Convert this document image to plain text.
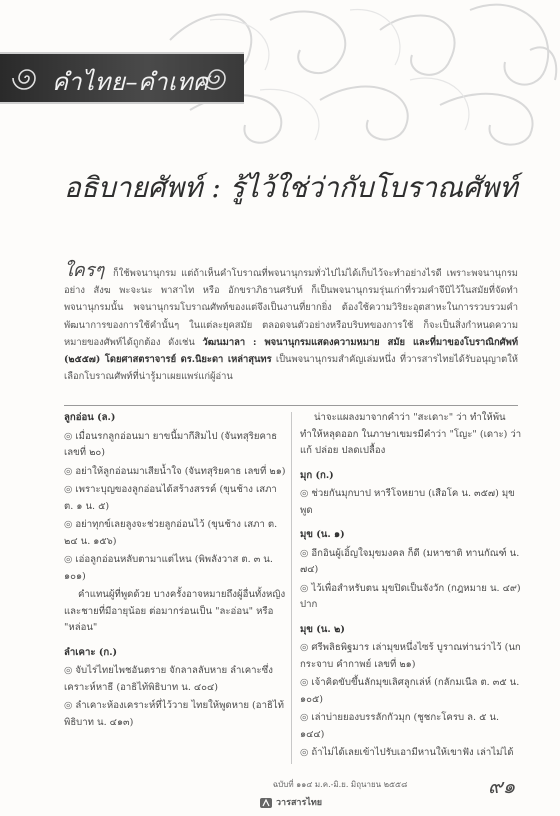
คำไทย–คำเทศ
อธิบายศัพท์ : รู้ไว้ใช่ว่ากับโบราณศัพท์
ใครๆ ก็ใช้พจนานุกรม แต่ถ้าเห็นคำโบราณที่พจนานุกรมทั่วไปไม่ได้เก็บไว้จะทำอย่างไรดี เพราะพจนานุกรมอย่าง สังฆ พะจะนะ พาสาไท หรือ อักขราภิธานศรับท์ ก็เป็นพจนานุกรมรุ่นเก่าที่รวมคำจีบิไว้ในสมัยที่จัดทำพจนานุกรมนั้น พจนานุกรมโบราณศัพท์ของแต่จึงเป็นงานที่ยากยิ่ง ต้องใช้ความวิริยะอุตสาหะในการรวบรวมคำ พัฒนาการของการใช้คำนั้นๆ ในแต่ละยุคสมัย ตลอดจนตัวอย่างหรือบริบทของการใช้ ก็จะเป็นสิ่งกำหนดความหมายของศัพท์ได้ถูกต้อง ดังเช่น วัฒนมาลา : พจนานุกรมแสดงความหมาย สมัย และที่มาของโบราณิกศัพท์ (๒๕๕๗) โดยศาสตราจารย์ ดร.นิยะดา เหล่าสุนทร เป็นพจนานุกรมสำคัญเล่มหนึ่ง ที่วารสารไทยได้รับอนุญาตให้เลือกโบราณศัพท์ที่น่ารู้มาเผยแพร่แก่ผู้อ่าน
ลูกอ่อน (ล.)
◎ เมื่อนรกลูกอ่อนมา ยาขนี้มากีสิมไป (จันทสุริยคาธ เลขที่ ๒๐)
◎ อย่าให้ลูกอ่อนมาเสียน้ำใจ (จันทสุริยคาธ เลขที่ ๒๑)
◎ เพราะบุญของลูกอ่อนได้สร้างสรรค์ (ขุนช้าง เสภา ต. ๑ น. ๕)
◎ อย่าทุกข์เลยลูงจะช่วยลูกอ่อนไว้ (ขุนช้าง เสภา ต. ๒๔ น. ๑๕๖)
◎ เอ่อลูกอ่อนหลับตามาแต่ไหน (พิพลังวาส ต. ๓ น. ๑๐๑)
คำแทนผู้ที่พูดด้วย บางครั้งอาจหมายถึงผู้อื่นทั้งหญิงและชายที่มีอายุน้อย ต่อมากร่อนเป็น "ละอ่อน" หรือ "หล่อน"
ลำเคาะ (ก.)
◎ จับไร่ไทยไพชอันตราย จักลาลลับหาย ลำเคาะซึ่งเคราะห์หาธี (อาธิไท้พิธิบาท น. ๔๐๔)
◎ ลำเคาะห้องเคราะห์ที่ไว้วาย ไทยให้พูดหาย (อาธิไท้พิธิบาท น. ๔๑๓)
น่าจะแผลงมาจากคำว่า "สะเดาะ" ว่า ทำให้พ้นทำให้หลุดออก ในภาษาเขมรมีคำว่า "โญะ" (เดาะ) ว่า แก้ ปล่อย ปลดเปลื้อง
มุก (ก.)
◎ ช่วยกันมุกบาป หารีโจหยาบ (เสือโค น. ๓๕๗) มุข พูด
มุข (น. ๑)
◎ อีกอินผู้เอิ้ญใจมุขมงคล ก็ดี (มหาชาติ ทานกัณฑ์ น. ๗๔)
◎ ไว้เพื่อสำหรับตน มุขปิดเป็นจังวัก (กฎหมาย น. ๔๙) ปาก
มุข (น. ๒)
◎ ศรีพลิธพิฐมาร เล่ามุขหนึ่งไซร้ บูราณท่านว่าไว้ (นกกระจาบ คำกาพย์ เลขที่ ๒๑)
◎ เจ้าคิดขับขึ้นลักมุขเลิศลูกเล่ห์ (กลักมเนีล ต. ๓๕ น. ๑๐๕)
◎ เล่าบ่ายยองบรรลักกัวมุก (ชูชกะโครบ ล. ๕ น. ๑๔๔)
◎ ถ้าไม่ได้เลยเข้าไปรับเอามีหานให้เขาฟัง เล่าไม่ได้
ฉบับที่ ๑๑๔ ม.ค.-มิ.ย. มิถุนายน ๒๕๕๘	๙๑
วารสารไทย
